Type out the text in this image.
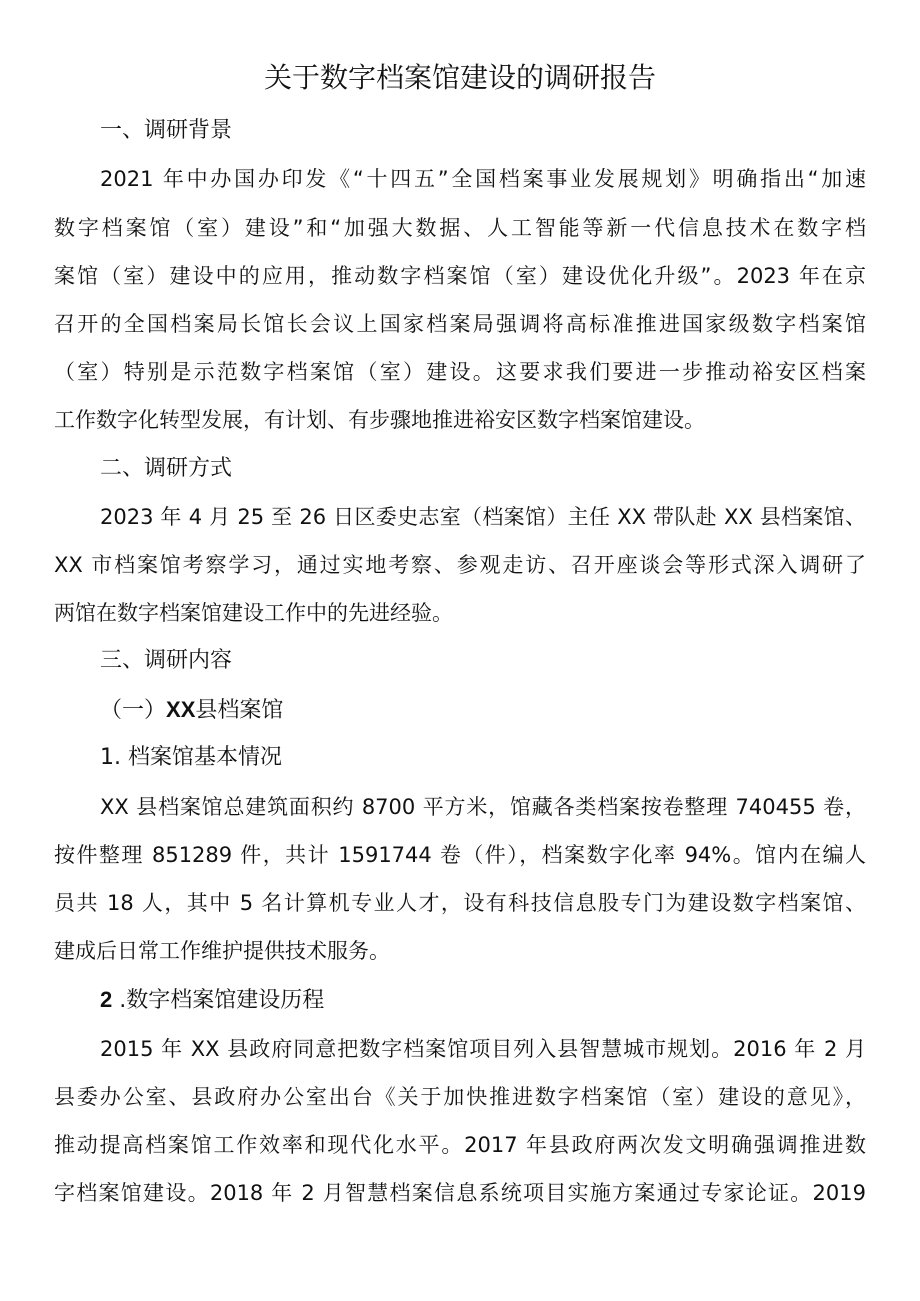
关于数字档案馆建设的调研报告
一、调研背景
2021 年中办国办印发《“十四五”全国档案事业发展规划》明确指出“加速
数字档案馆（室）建设”和“加强大数据、人工智能等新一代信息技术在数字档
案馆（室）建设中的应用，推动数字档案馆（室）建设优化升级”。2023 年在京
召开的全国档案局长馆长会议上国家档案局强调将高标准推进国家级数字档案馆
（室）特别是示范数字档案馆（室）建设。这要求我们要进一步推动裕安区档案
工作数字化转型发展，有计划、有步骤地推进裕安区数字档案馆建设。
二、调研方式
2023 年 4 月 25 至 26 日区委史志室（档案馆）主任 XX 带队赴 XX 县档案馆、
XX 市档案馆考察学习，通过实地考察、参观走访、召开座谈会等形式深入调研了
两馆在数字档案馆建设工作中的先进经验。
三、调研内容
（一）XX县档案馆
1. 档案馆基本情况
XX 县档案馆总建筑面积约 8700 平方米，馆藏各类档案按卷整理 740455 卷，
按件整理 851289 件，共计 1591744 卷（件），档案数字化率 94%。馆内在编人
员共 18 人，其中 5 名计算机专业人才，设有科技信息股专门为建设数字档案馆、
建成后日常工作维护提供技术服务。
2 .数字档案馆建设历程
2015 年 XX 县政府同意把数字档案馆项目列入县智慧城市规划。2016 年 2 月
县委办公室、县政府办公室出台《关于加快推进数字档案馆（室）建设的意见》，
推动提高档案馆工作效率和现代化水平。2017 年县政府两次发文明确强调推进数
字档案馆建设。2018 年 2 月智慧档案信息系统项目实施方案通过专家论证。2019
